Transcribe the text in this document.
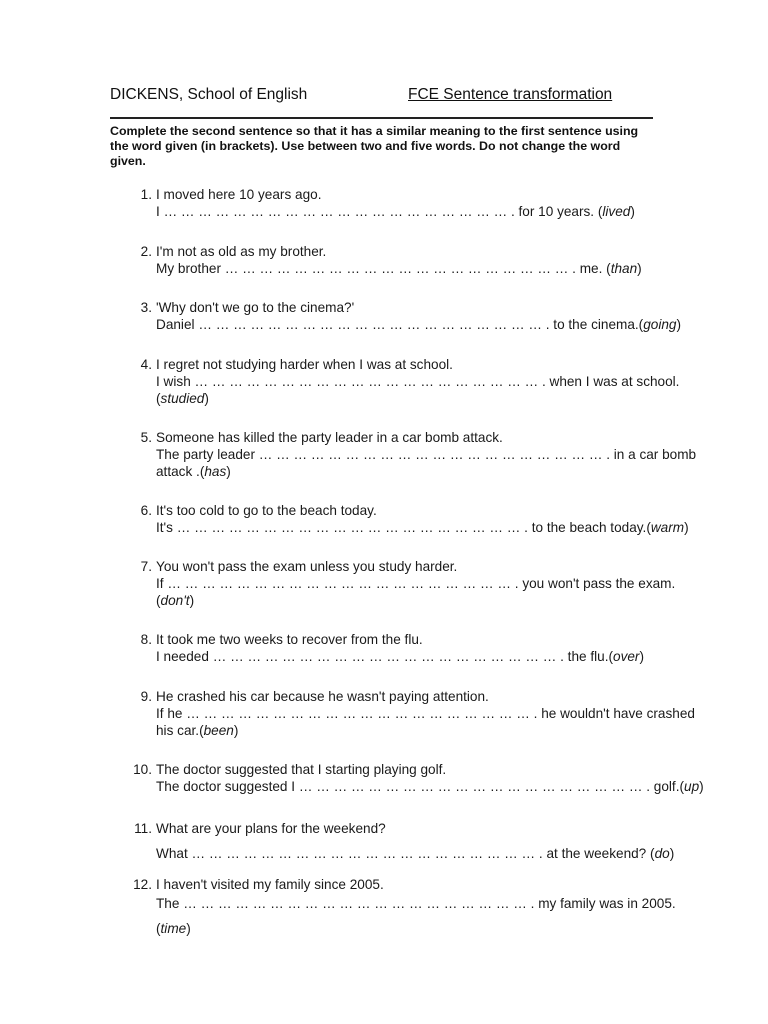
DICKENS, School of English	FCE Sentence transformation

Complete the second sentence so that it has a similar meaning to the first sentence using the word given (in brackets). Use between two and five words. Do not change the word given.

1. I moved here 10 years ago.
I … … … … … … … … … … … … … … … … … … … … . for 10 years. (lived)
2. I'm not as old as my brother.
My brother … … … … … … … … … … … … … … … … … … … … . me. (than)
3. 'Why don't we go to the cinema?'
Daniel … … … … … … … … … … … … … … … … … … … … . to the cinema.(going)
4. I regret not studying harder when I was at school.
I wish … … … … … … … … … … … … … … … … … … … … . when I was at school.
(studied)
5. Someone has killed the party leader in a car bomb attack.
The party leader … … … … … … … … … … … … … … … … … … … … . in a car bomb
attack .(has)
6. It's too cold to go to the beach today.
It's … … … … … … … … … … … … … … … … … … … … . to the beach today.(warm)
7. You won't pass the exam unless you study harder.
If … … … … … … … … … … … … … … … … … … … … . you won't pass the exam.
(don't)
8. It took me two weeks to recover from the flu.
I needed … … … … … … … … … … … … … … … … … … … … . the flu.(over)
9. He crashed his car because he wasn't paying attention.
If he … … … … … … … … … … … … … … … … … … … … . he wouldn't have crashed
his car.(been)
10. The doctor suggested that I starting playing golf.
The doctor suggested I … … … … … … … … … … … … … … … … … … … … . golf.(up)
11. What are your plans for the weekend?
What … … … … … … … … … … … … … … … … … … … … . at the weekend? (do)
12. I haven't visited my family since 2005.
The … … … … … … … … … … … … … … … … … … … … . my family was in 2005.
(time)
